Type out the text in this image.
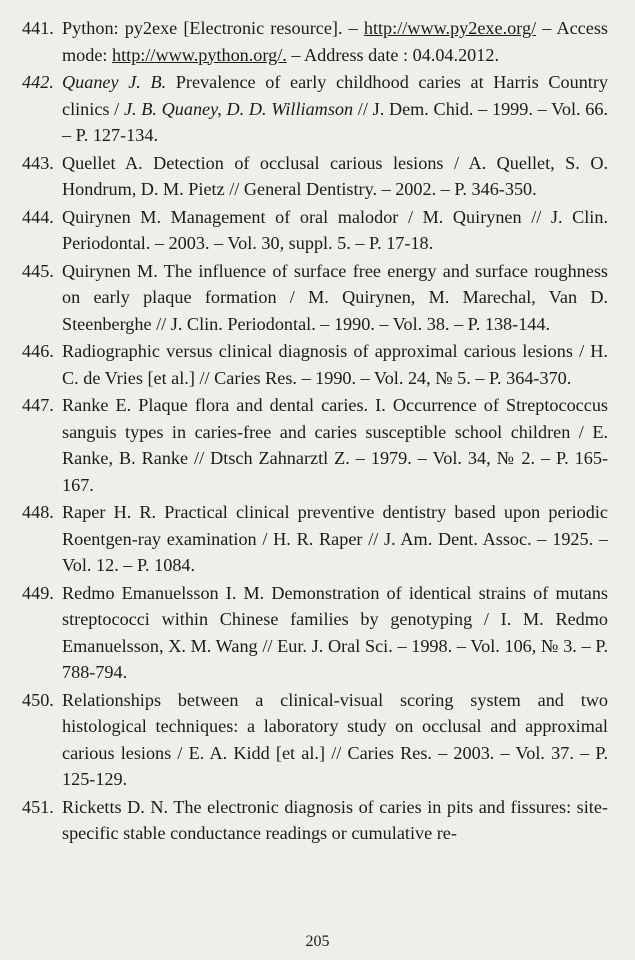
441. Python: py2exe [Electronic resource]. – http://www.py2exe.org/ – Access mode: http://www.python.org/. – Address date : 04.04.2012.
442. Quaney J. B. Prevalence of early childhood caries at Harris Country clinics / J. B. Quaney, D. D. Williamson // J. Dem. Chid. – 1999. – Vol. 66. – P. 127-134.
443. Quellet A. Detection of occlusal carious lesions / A. Quellet, S. O. Hondrum, D. M. Pietz // General Dentistry. – 2002. – P. 346-350.
444. Quirynen M. Management of oral malodor / M. Quirynen // J. Clin. Periodontal. – 2003. – Vol. 30, suppl. 5. – P. 17-18.
445. Quirynen M. The influence of surface free energy and surface roughness on early plaque formation / M. Quirynen, M. Marechal, Van D. Steenberghe // J. Clin. Periodontal. – 1990. – Vol. 38. – P. 138-144.
446. Radiographic versus clinical diagnosis of approximal carious lesions / H. C. de Vries [et al.] // Caries Res. – 1990. – Vol. 24, № 5. – P. 364-370.
447. Ranke E. Plaque flora and dental caries. I. Occurrence of Streptococcus sanguis types in caries-free and caries susceptible school children / E. Ranke, B. Ranke // Dtsch Zahnarztl Z. – 1979. – Vol. 34, № 2. – P. 165-167.
448. Raper H. R. Practical clinical preventive dentistry based upon periodic Roentgen-ray examination / H. R. Raper // J. Am. Dent. Assoc. – 1925. – Vol. 12. – P. 1084.
449. Redmo Emanuelsson I. M. Demonstration of identical strains of mutans streptococci within Chinese families by genotyping / I. M. Redmo Emanuelsson, X. M. Wang // Eur. J. Oral Sci. – 1998. – Vol. 106, № 3. – P. 788-794.
450. Relationships between a clinical-visual scoring system and two histological techniques: a laboratory study on occlusal and approximal carious lesions / E. A. Kidd [et al.] // Caries Res. – 2003. – Vol. 37. – P. 125-129.
451. Ricketts D. N. The electronic diagnosis of caries in pits and fissures: site-specific stable conductance readings or cumulative re-
205
